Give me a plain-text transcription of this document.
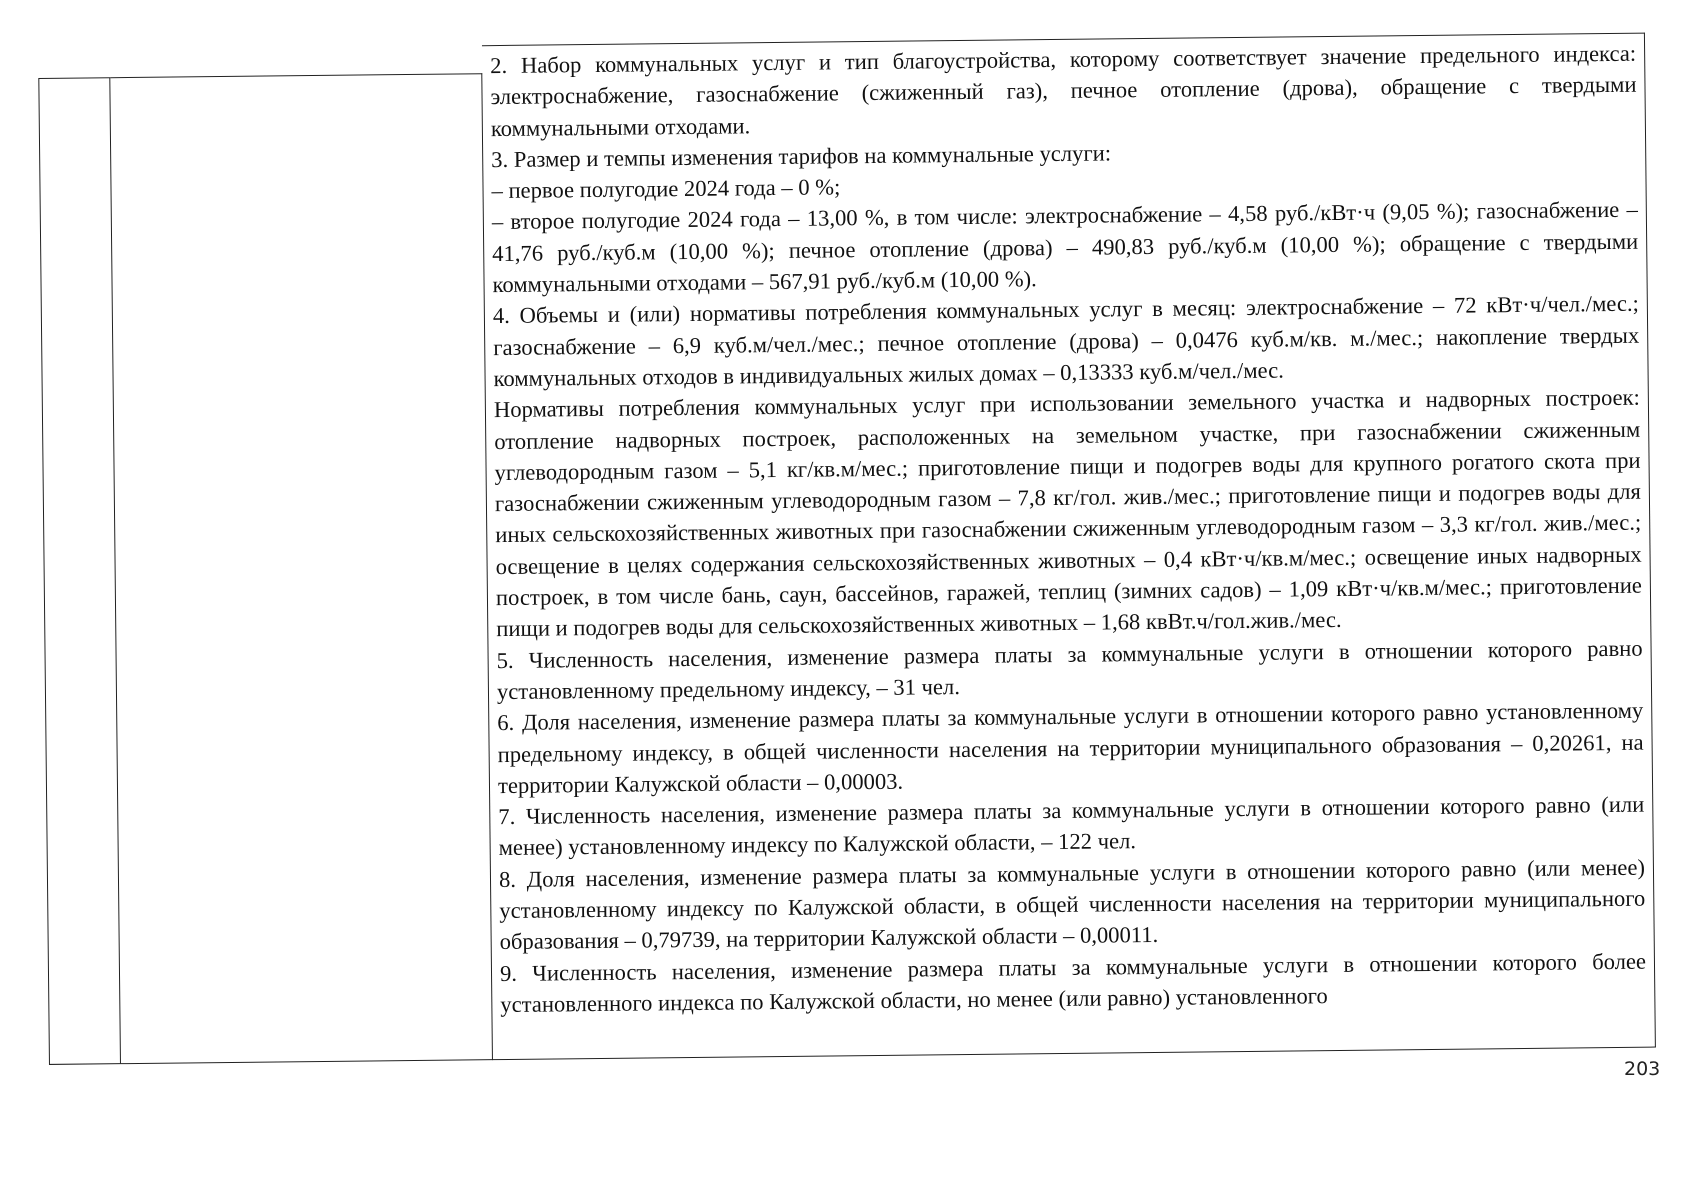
2. Набор коммунальных услуг и тип благоустройства, которому соответствует значение предельного индекса: электроснабжение, газоснабжение (сжиженный газ), печное отопление (дрова), обращение с твердыми коммунальными отходами.

3. Размер и темпы изменения тарифов на коммунальные услуги:

– первое полугодие 2024 года – 0 %;

– второе полугодие 2024 года – 13,00 %, в том числе: электроснабжение – 4,58 руб./кВт·ч (9,05 %); газоснабжение – 41,76 руб./куб.м (10,00 %); печное отопление (дрова) – 490,83 руб./куб.м (10,00 %); обращение с твердыми коммунальными отходами – 567,91 руб./куб.м (10,00 %).

4. Объемы и (или) нормативы потребления коммунальных услуг в месяц: электроснабжение – 72 кВт·ч/чел./мес.; газоснабжение – 6,9 куб.м/чел./мес.; печное отопление (дрова) – 0,0476 куб.м/кв. м./мес.; накопление твердых коммунальных отходов в индивидуальных жилых домах – 0,13333 куб.м/чел./мес.

Нормативы потребления коммунальных услуг при использовании земельного участка и надворных построек: отопление надворных построек, расположенных на земельном участке, при газоснабжении сжиженным углеводородным газом – 5,1 кг/кв.м/мес.; приготовление пищи и подогрев воды для крупного рогатого скота при газоснабжении сжиженным углеводородным газом – 7,8 кг/гол. жив./мес.; приготовление пищи и подогрев воды для иных сельскохозяйственных животных при газоснабжении сжиженным углеводородным газом – 3,3 кг/гол. жив./мес.; освещение в целях содержания сельскохозяйственных животных – 0,4 кВт·ч/кв.м/мес.; освещение иных надворных построек, в том числе бань, саун, бассейнов, гаражей, теплиц (зимних садов) – 1,09 кВт·ч/кв.м/мес.; приготовление пищи и подогрев воды для сельскохозяйственных животных – 1,68 квВт.ч/гол.жив./мес.

5. Численность населения, изменение размера платы за коммунальные услуги в отношении которого равно установленному предельному индексу, – 31 чел.

6. Доля населения, изменение размера платы за коммунальные услуги в отношении которого равно установленному предельному индексу, в общей численности населения на территории муниципального образования – 0,20261, на территории Калужской области – 0,00003.

7. Численность населения, изменение размера платы за коммунальные услуги в отношении которого равно (или менее) установленному индексу по Калужской области, – 122 чел.

8. Доля населения, изменение размера платы за коммунальные услуги в отношении которого равно (или менее) установленному индексу по Калужской области, в общей численности населения на территории муниципального образования – 0,79739, на территории Калужской области – 0,00011.

9. Численность населения, изменение размера платы за коммунальные услуги в отношении которого более установленного индекса по Калужской области, но менее (или равно) установленного

203
